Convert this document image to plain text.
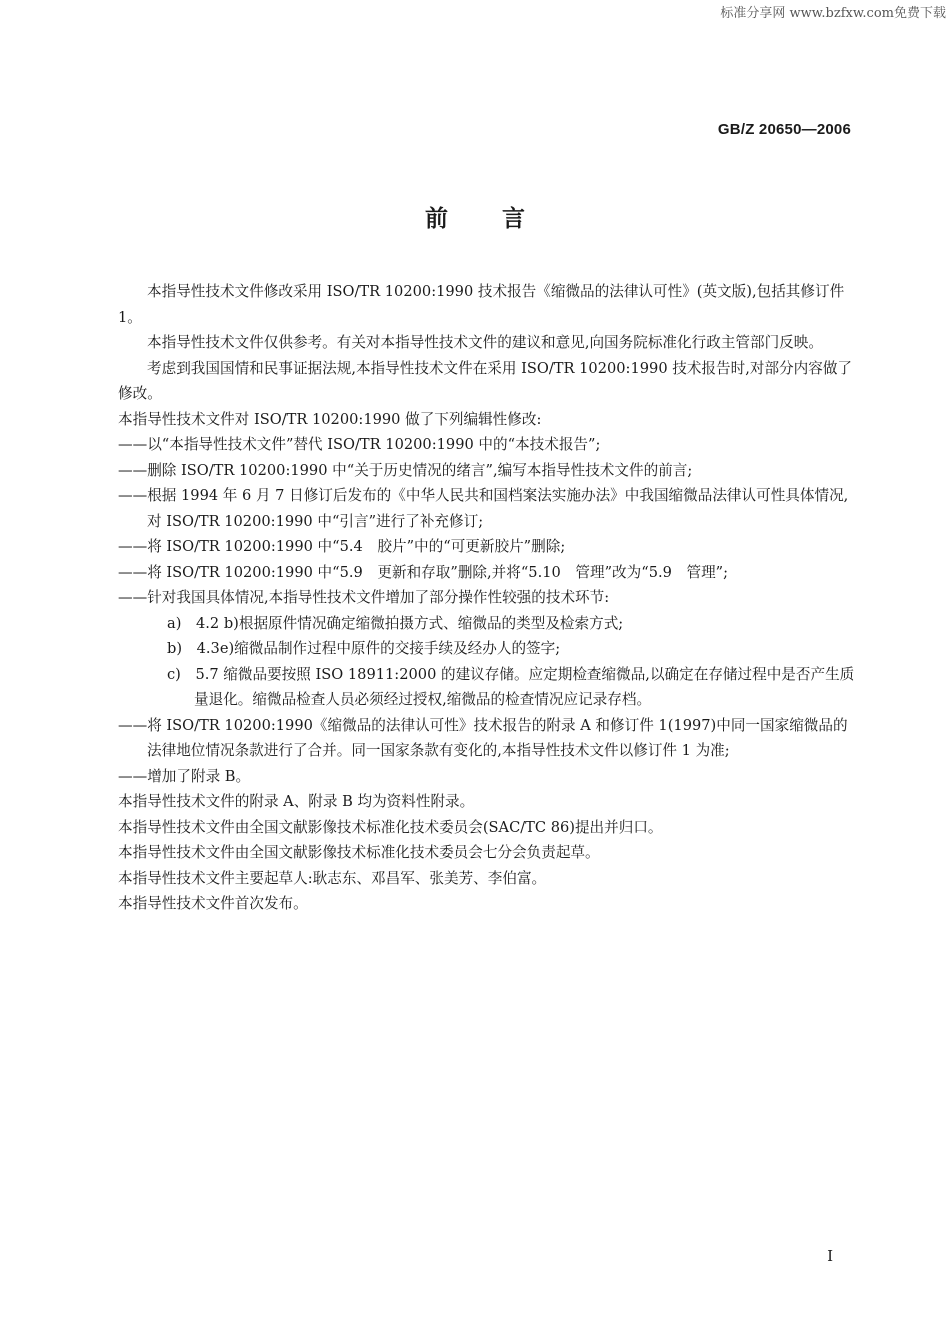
标准分享网 www.bzfxw.com免费下载
GB/Z 20650—2006
前言

本指导性技术文件修改采用 ISO/TR 10200:1990 技术报告《缩微品的法律认可性》(英文版),包括其修订件 1。

本指导性技术文件仅供参考。有关对本指导性技术文件的建议和意见,向国务院标准化行政主管部门反映。

考虑到我国国情和民事证据法规,本指导性技术文件在采用 ISO/TR 10200:1990 技术报告时,对部分内容做了修改。

本指导性技术文件对 ISO/TR 10200:1990 做了下列编辑性修改:

——以“本指导性技术文件”替代 ISO/TR 10200:1990 中的“本技术报告”;

——删除 ISO/TR 10200:1990 中“关于历史情况的绪言”,编写本指导性技术文件的前言;

——根据 1994 年 6 月 7 日修订后发布的《中华人民共和国档案法实施办法》中我国缩微品法律认可性具体情况,对 ISO/TR 10200:1990 中“引言”进行了补充修订;

——将 ISO/TR 10200:1990 中“5.4　胶片”中的“可更新胶片”删除;

——将 ISO/TR 10200:1990 中“5.9　更新和存取”删除,并将“5.10　管理”改为“5.9　管理”;

——针对我国具体情况,本指导性技术文件增加了部分操作性较强的技术环节:

a)　4.2 b)根据原件情况确定缩微拍摄方式、缩微品的类型及检索方式;

b)　4.3e)缩微品制作过程中原件的交接手续及经办人的签字;

c)　5.7 缩微品要按照 ISO 18911:2000 的建议存储。应定期检查缩微品,以确定在存储过程中是否产生质量退化。缩微品检查人员必须经过授权,缩微品的检查情况应记录存档。

——将 ISO/TR 10200:1990《缩微品的法律认可性》技术报告的附录 A 和修订件 1(1997)中同一国家缩微品的法律地位情况条款进行了合并。同一国家条款有变化的,本指导性技术文件以修订件 1 为准;

——增加了附录 B。

本指导性技术文件的附录 A、附录 B 均为资料性附录。

本指导性技术文件由全国文献影像技术标准化技术委员会(SAC/TC 86)提出并归口。

本指导性技术文件由全国文献影像技术标准化技术委员会七分会负责起草。

本指导性技术文件主要起草人:耿志东、邓昌军、张美芳、李伯富。

本指导性技术文件首次发布。

I
